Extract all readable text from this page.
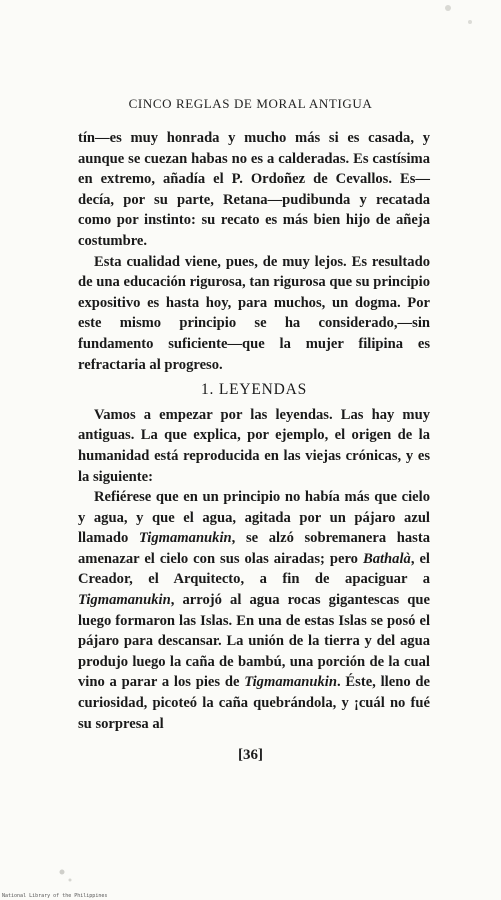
CINCO REGLAS DE MORAL ANTIGUA

tín—es muy honrada y mucho más si es casada, y aunque se cuezan habas no es a calderadas. Es castísima en extremo, añadía el P. Ordoñez de Cevallos. Es—decía, por su parte, Retana—pudibunda y recatada como por instinto: su recato es más bien hijo de añeja costumbre.

Esta cualidad viene, pues, de muy lejos. Es resultado de una educación rigurosa, tan rigurosa que su principio expositivo es hasta hoy, para muchos, un dogma. Por este mismo principio se ha considerado,—sin fundamento suficiente—que la mujer filipina es refractaria al progreso.

1. LEYENDAS

Vamos a empezar por las leyendas. Las hay muy antiguas. La que explica, por ejemplo, el origen de la humanidad está reproducida en las viejas crónicas, y es la siguiente:

Refiérese que en un principio no había más que cielo y agua, y que el agua, agitada por un pájaro azul llamado Tigmamanukin, se alzó sobremanera hasta amenazar el cielo con sus olas airadas; pero Bathalà, el Creador, el Arquitecto, a fin de apaciguar a Tigmamanukin, arrojó al agua rocas gigantescas que luego formaron las Islas. En una de estas Islas se posó el pájaro para descansar. La unión de la tierra y del agua produjo luego la caña de bambú, una porción de la cual vino a parar a los pies de Tigmamanukin. Éste, lleno de curiosidad, picoteó la caña quebrándola, y ¡cuál no fué su sorpresa al

[36]
National Library of the Philippines
